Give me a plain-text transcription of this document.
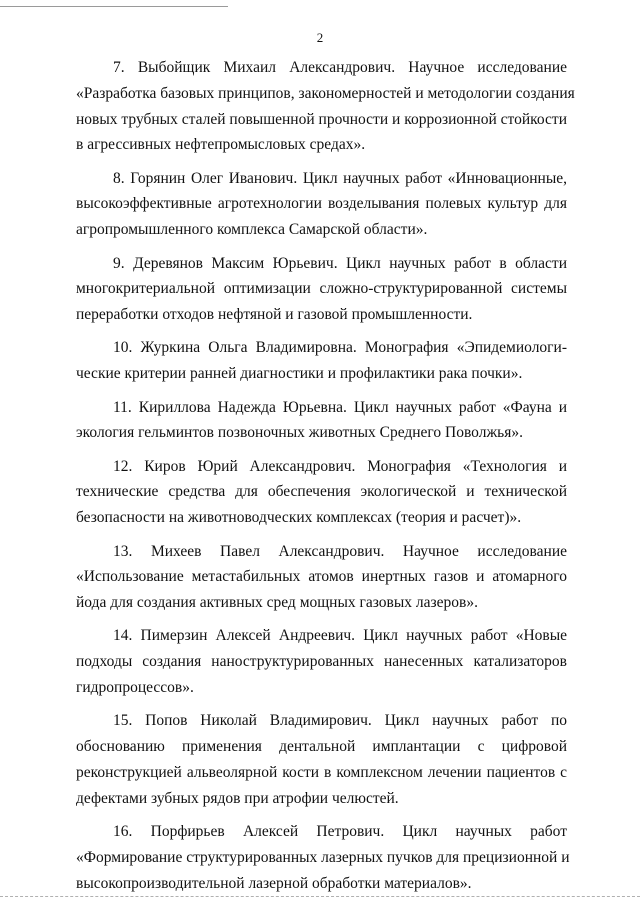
2
7. Выбойщик Михаил Александрович. Научное исследование
«Разработка базовых принципов, закономерностей и методологии создания
новых трубных сталей повышенной прочности и коррозионной стойкости
в агрессивных нефтепромысловых средах».
8. Горянин Олег Иванович. Цикл научных работ «Инновационные,
высокоэффективные агротехнологии возделывания полевых культур для
агропромышленного комплекса Самарской области».
9. Деревянов Максим Юрьевич. Цикл научных работ в области
многокритериальной оптимизации сложно-структурированной системы
переработки отходов нефтяной и газовой промышленности.
10. Журкина Ольга Владимировна. Монография «Эпидемиологи-
ческие критерии ранней диагностики и профилактики рака почки».
11. Кириллова Надежда Юрьевна. Цикл научных работ «Фауна и
экология гельминтов позвоночных животных Среднего Поволжья».
12. Киров Юрий Александрович. Монография «Технология и
технические средства для обеспечения экологической и технической
безопасности на животноводческих комплексах (теория и расчет)».
13. Михеев Павел Александрович. Научное исследование
«Использование метастабильных атомов инертных газов и атомарного
йода для создания активных сред мощных газовых лазеров».
14. Пимерзин Алексей Андреевич. Цикл научных работ «Новые
подходы создания наноструктурированных нанесенных катализаторов
гидропроцессов».
15. Попов Николай Владимирович. Цикл научных работ по
обоснованию применения дентальной имплантации с цифровой
реконструкцией альвеолярной кости в комплексном лечении пациентов с
дефектами зубных рядов при атрофии челюстей.
16. Порфирьев Алексей Петрович. Цикл научных работ
«Формирование структурированных лазерных пучков для прецизионной и
высокопроизводительной лазерной обработки материалов».
